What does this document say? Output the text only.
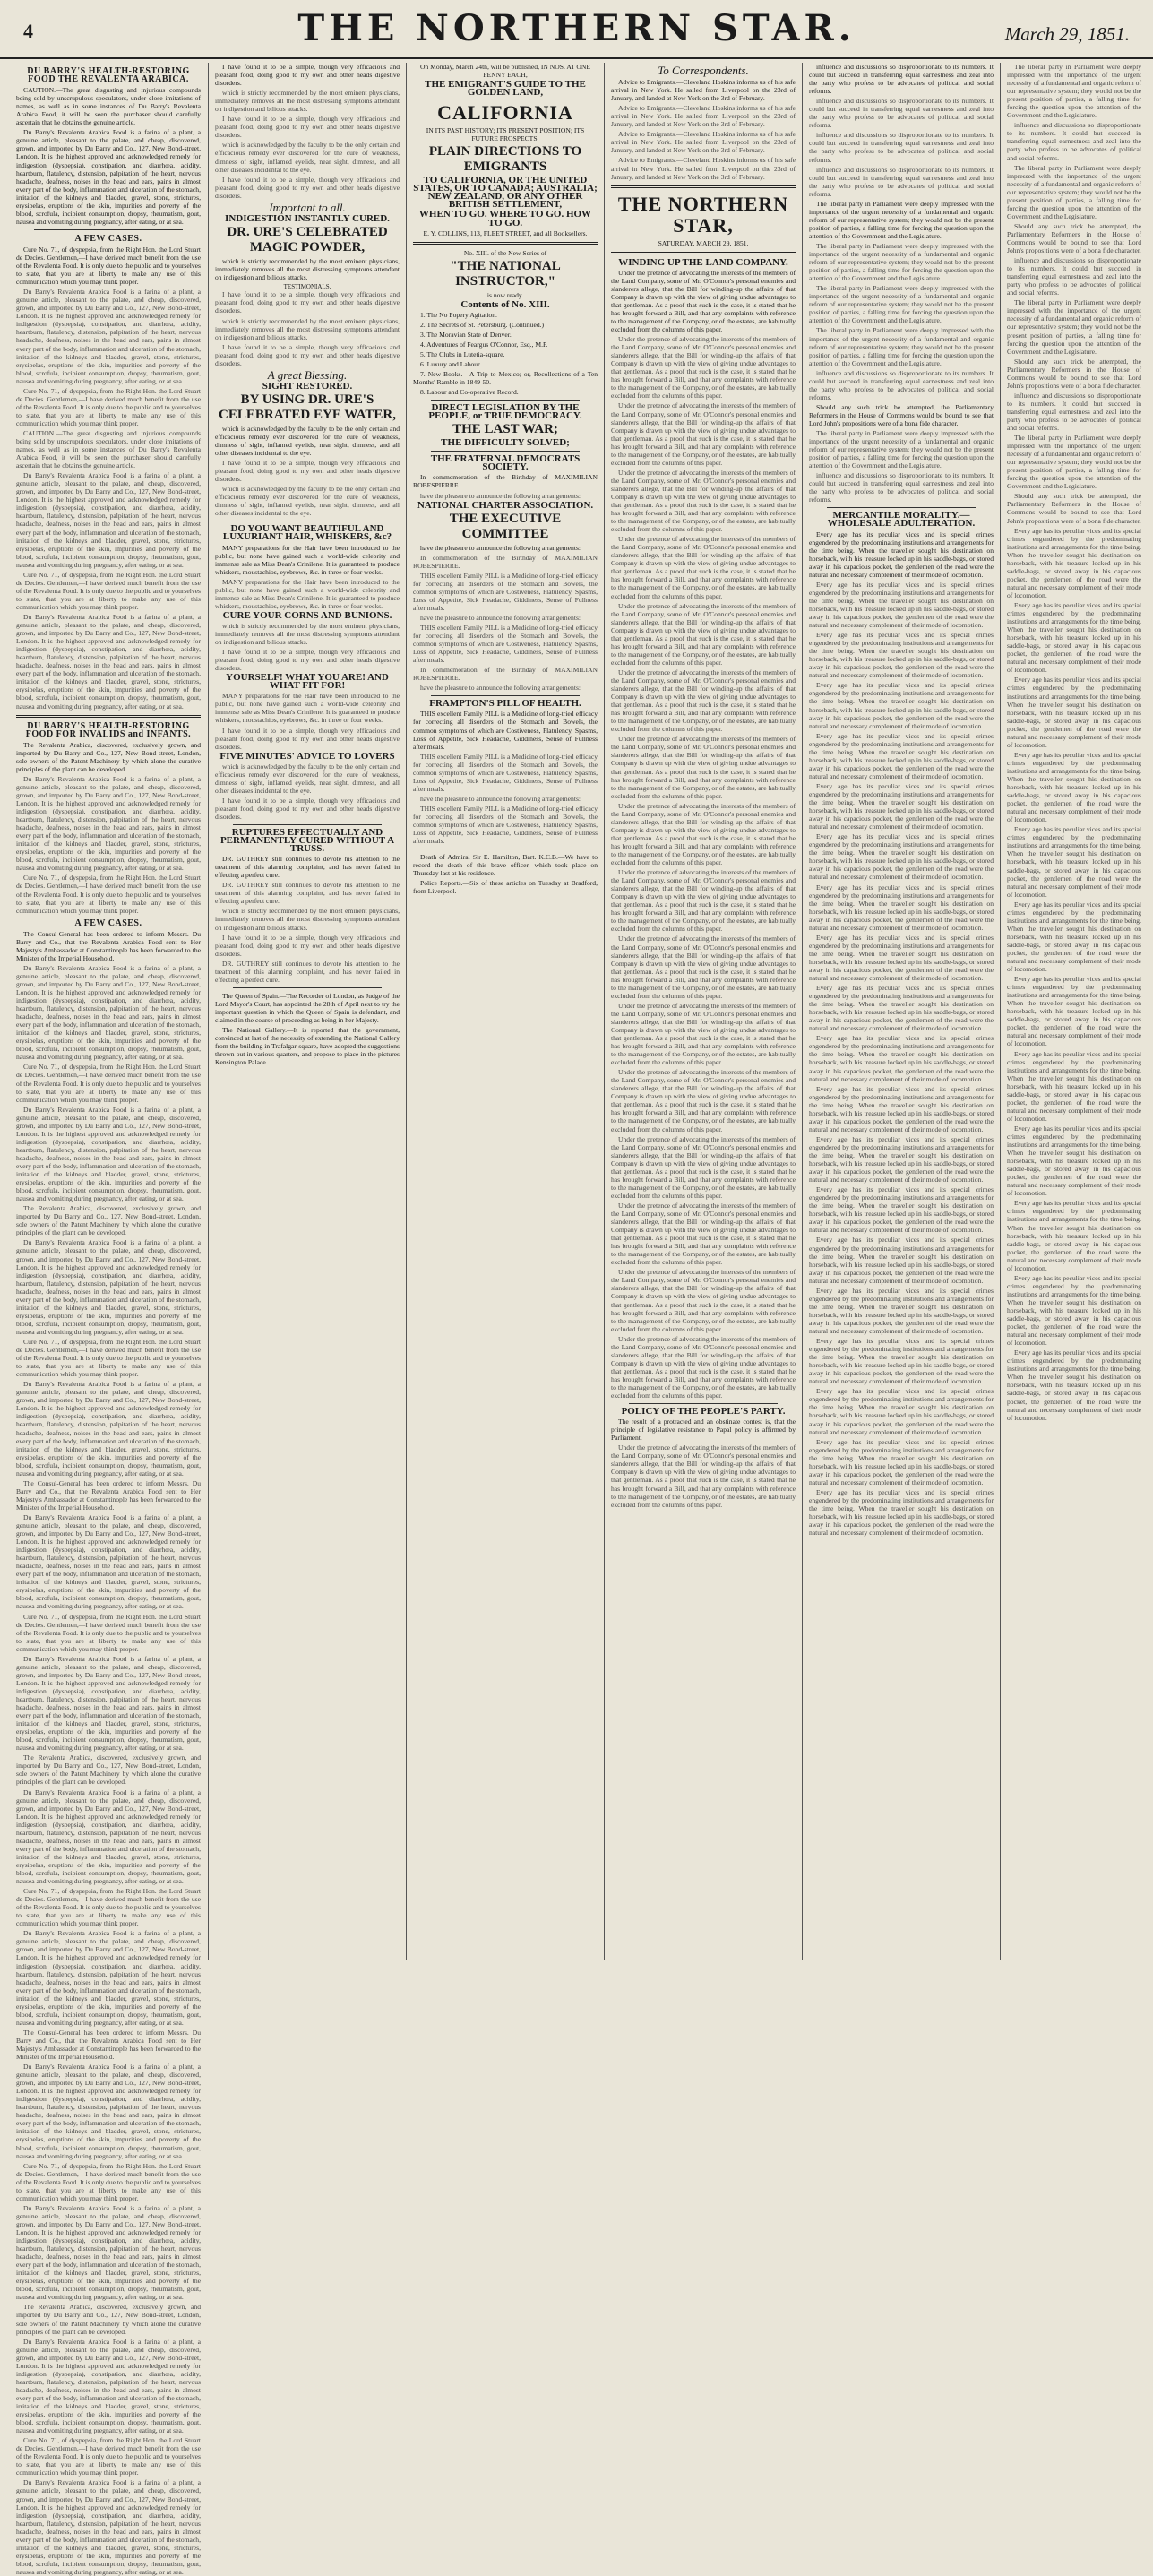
4	THE NORTHERN STAR.	March 29, 1851.
DU BARRY'S HEALTH-RESTORING FOOD THE REVALENTA ARABICA.

CAUTION.—The great disgusting and injurious compounds being sold by unscrupulous speculators, under close imitations of names, as well as in some instances of Du Barry's Revalenta Arabica Food, it will be seen the purchaser should carefully ascertain that he obtains the genuine article.

Du Barry's Revalenta Arabica Food is a farina of a plant, a genuine article, pleasant to the palate, and cheap, discovered, grown, and imported by Du Barry and Co., 127, New Bond-street, London. It is the highest approved and acknowledged remedy for indigestion (dyspepsia), constipation, and diarrhœa, acidity, heartburn, flatulency, distension, palpitation of the heart, nervous headache, deafness, noises in the head and ears, pains in almost every part of the body, inflammation and ulceration of the stomach, irritation of the kidneys and bladder, gravel, stone, strictures, erysipelas, eruptions of the skin, impurities and poverty of the blood, scrofula, incipient consumption, dropsy, rheumatism, gout, nausea and vomiting during pregnancy, after eating, or at sea.

A FEW CASES.

Cure No. 71, of dyspepsia, from the Right Hon. the Lord Stuart de Decies. Gentlemen,—I have derived much benefit from the use of the Revalenta Food. It is only due to the public and to yourselves to state, that you are at liberty to make any use of this communication which you may think proper.

Du Barry's Revalenta Arabica Food is a farina of a plant, a genuine article, pleasant to the palate, and cheap, discovered, grown, and imported by Du Barry and Co., 127, New Bond-street, London. It is the highest approved and acknowledged remedy for indigestion (dyspepsia), constipation, and diarrhœa, acidity, heartburn, flatulency, distension, palpitation of the heart, nervous headache, deafness, noises in the head and ears, pains in almost every part of the body, inflammation and ulceration of the stomach, irritation of the kidneys and bladder, gravel, stone, strictures, erysipelas, eruptions of the skin, impurities and poverty of the blood, scrofula, incipient consumption, dropsy, rheumatism, gout, nausea and vomiting during pregnancy, after eating, or at sea.

Cure No. 71, of dyspepsia, from the Right Hon. the Lord Stuart de Decies. Gentlemen,—I have derived much benefit from the use of the Revalenta Food. It is only due to the public and to yourselves to state, that you are at liberty to make any use of this communication which you may think proper.

CAUTION.—The great disgusting and injurious compounds being sold by unscrupulous speculators, under close imitations of names, as well as in some instances of Du Barry's Revalenta Arabica Food, it will be seen the purchaser should carefully ascertain that he obtains the genuine article.

Du Barry's Revalenta Arabica Food is a farina of a plant, a genuine article, pleasant to the palate, and cheap, discovered, grown, and imported by Du Barry and Co., 127, New Bond-street, London. It is the highest approved and acknowledged remedy for indigestion (dyspepsia), constipation, and diarrhœa, acidity, heartburn, flatulency, distension, palpitation of the heart, nervous headache, deafness, noises in the head and ears, pains in almost every part of the body, inflammation and ulceration of the stomach, irritation of the kidneys and bladder, gravel, stone, strictures, erysipelas, eruptions of the skin, impurities and poverty of the blood, scrofula, incipient consumption, dropsy, rheumatism, gout, nausea and vomiting during pregnancy, after eating, or at sea.

Cure No. 71, of dyspepsia, from the Right Hon. the Lord Stuart de Decies. Gentlemen,—I have derived much benefit from the use of the Revalenta Food. It is only due to the public and to yourselves to state, that you are at liberty to make any use of this communication which you may think proper.

Du Barry's Revalenta Arabica Food is a farina of a plant, a genuine article, pleasant to the palate, and cheap, discovered, grown, and imported by Du Barry and Co., 127, New Bond-street, London. It is the highest approved and acknowledged remedy for indigestion (dyspepsia), constipation, and diarrhœa, acidity, heartburn, flatulency, distension, palpitation of the heart, nervous headache, deafness, noises in the head and ears, pains in almost every part of the body, inflammation and ulceration of the stomach, irritation of the kidneys and bladder, gravel, stone, strictures, erysipelas, eruptions of the skin, impurities and poverty of the blood, scrofula, incipient consumption, dropsy, rheumatism, gout, nausea and vomiting during pregnancy, after eating, or at sea.

DU BARRY'S HEALTH-RESTORING FOOD FOR INVALIDS and INFANTS.

The Revalenta Arabica, discovered, exclusively grown, and imported by Du Barry and Co., 127, New Bond-street, London, sole owners of the Patent Machinery by which alone the curative principles of the plant can be developed.

Du Barry's Revalenta Arabica Food is a farina of a plant, a genuine article, pleasant to the palate, and cheap, discovered, grown, and imported by Du Barry and Co., 127, New Bond-street, London. It is the highest approved and acknowledged remedy for indigestion (dyspepsia), constipation, and diarrhœa, acidity, heartburn, flatulency, distension, palpitation of the heart, nervous headache, deafness, noises in the head and ears, pains in almost every part of the body, inflammation and ulceration of the stomach, irritation of the kidneys and bladder, gravel, stone, strictures, erysipelas, eruptions of the skin, impurities and poverty of the blood, scrofula, incipient consumption, dropsy, rheumatism, gout, nausea and vomiting during pregnancy, after eating, or at sea.

Cure No. 71, of dyspepsia, from the Right Hon. the Lord Stuart de Decies. Gentlemen,—I have derived much benefit from the use of the Revalenta Food. It is only due to the public and to yourselves to state, that you are at liberty to make any use of this communication which you may think proper.

A FEW CASES.

The Consul-General has been ordered to inform Messrs. Du Barry and Co., that the Revalenta Arabica Food sent to Her Majesty's Ambassador at Constantinople has been forwarded to the Minister of the Imperial Household.

Du Barry's Revalenta Arabica Food is a farina of a plant, a genuine article, pleasant to the palate, and cheap, discovered, grown, and imported by Du Barry and Co., 127, New Bond-street, London. It is the highest approved and acknowledged remedy for indigestion (dyspepsia), constipation, and diarrhœa, acidity, heartburn, flatulency, distension, palpitation of the heart, nervous headache, deafness, noises in the head and ears, pains in almost every part of the body, inflammation and ulceration of the stomach, irritation of the kidneys and bladder, gravel, stone, strictures, erysipelas, eruptions of the skin, impurities and poverty of the blood, scrofula, incipient consumption, dropsy, rheumatism, gout, nausea and vomiting during pregnancy, after eating, or at sea.

Cure No. 71, of dyspepsia, from the Right Hon. the Lord Stuart de Decies. Gentlemen,—I have derived much benefit from the use of the Revalenta Food. It is only due to the public and to yourselves to state, that you are at liberty to make any use of this communication which you may think proper.

Du Barry's Revalenta Arabica Food is a farina of a plant, a genuine article, pleasant to the palate, and cheap, discovered, grown, and imported by Du Barry and Co., 127, New Bond-street, London. It is the highest approved and acknowledged remedy for indigestion (dyspepsia), constipation, and diarrhœa, acidity, heartburn, flatulency, distension, palpitation of the heart, nervous headache, deafness, noises in the head and ears, pains in almost every part of the body, inflammation and ulceration of the stomach, irritation of the kidneys and bladder, gravel, stone, strictures, erysipelas, eruptions of the skin, impurities and poverty of the blood, scrofula, incipient consumption, dropsy, rheumatism, gout, nausea and vomiting during pregnancy, after eating, or at sea.

The Revalenta Arabica, discovered, exclusively grown, and imported by Du Barry and Co., 127, New Bond-street, London, sole owners of the Patent Machinery by which alone the curative principles of the plant can be developed.

Du Barry's Revalenta Arabica Food is a farina of a plant, a genuine article, pleasant to the palate, and cheap, discovered, grown, and imported by Du Barry and Co., 127, New Bond-street, London. It is the highest approved and acknowledged remedy for indigestion (dyspepsia), constipation, and diarrhœa, acidity, heartburn, flatulency, distension, palpitation of the heart, nervous headache, deafness, noises in the head and ears, pains in almost every part of the body, inflammation and ulceration of the stomach, irritation of the kidneys and bladder, gravel, stone, strictures, erysipelas, eruptions of the skin, impurities and poverty of the blood, scrofula, incipient consumption, dropsy, rheumatism, gout, nausea and vomiting during pregnancy, after eating, or at sea.

Cure No. 71, of dyspepsia, from the Right Hon. the Lord Stuart de Decies. Gentlemen,—I have derived much benefit from the use of the Revalenta Food. It is only due to the public and to yourselves to state, that you are at liberty to make any use of this communication which you may think proper.

Du Barry's Revalenta Arabica Food is a farina of a plant, a genuine article, pleasant to the palate, and cheap, discovered, grown, and imported by Du Barry and Co., 127, New Bond-street, London. It is the highest approved and acknowledged remedy for indigestion (dyspepsia), constipation, and diarrhœa, acidity, heartburn, flatulency, distension, palpitation of the heart, nervous headache, deafness, noises in the head and ears, pains in almost every part of the body, inflammation and ulceration of the stomach, irritation of the kidneys and bladder, gravel, stone, strictures, erysipelas, eruptions of the skin, impurities and poverty of the blood, scrofula, incipient consumption, dropsy, rheumatism, gout, nausea and vomiting during pregnancy, after eating, or at sea.

The Consul-General has been ordered to inform Messrs. Du Barry and Co., that the Revalenta Arabica Food sent to Her Majesty's Ambassador at Constantinople has been forwarded to the Minister of the Imperial Household.

Du Barry's Revalenta Arabica Food is a farina of a plant, a genuine article, pleasant to the palate, and cheap, discovered, grown, and imported by Du Barry and Co., 127, New Bond-street, London. It is the highest approved and acknowledged remedy for indigestion (dyspepsia), constipation, and diarrhœa, acidity, heartburn, flatulency, distension, palpitation of the heart, nervous headache, deafness, noises in the head and ears, pains in almost every part of the body, inflammation and ulceration of the stomach, irritation of the kidneys and bladder, gravel, stone, strictures, erysipelas, eruptions of the skin, impurities and poverty of the blood, scrofula, incipient consumption, dropsy, rheumatism, gout, nausea and vomiting during pregnancy, after eating, or at sea.

Cure No. 71, of dyspepsia, from the Right Hon. the Lord Stuart de Decies. Gentlemen,—I have derived much benefit from the use of the Revalenta Food. It is only due to the public and to yourselves to state, that you are at liberty to make any use of this communication which you may think proper.

Du Barry's Revalenta Arabica Food is a farina of a plant, a genuine article, pleasant to the palate, and cheap, discovered, grown, and imported by Du Barry and Co., 127, New Bond-street, London. It is the highest approved and acknowledged remedy for indigestion (dyspepsia), constipation, and diarrhœa, acidity, heartburn, flatulency, distension, palpitation of the heart, nervous headache, deafness, noises in the head and ears, pains in almost every part of the body, inflammation and ulceration of the stomach, irritation of the kidneys and bladder, gravel, stone, strictures, erysipelas, eruptions of the skin, impurities and poverty of the blood, scrofula, incipient consumption, dropsy, rheumatism, gout, nausea and vomiting during pregnancy, after eating, or at sea.

The Revalenta Arabica, discovered, exclusively grown, and imported by Du Barry and Co., 127, New Bond-street, London, sole owners of the Patent Machinery by which alone the curative principles of the plant can be developed.

Du Barry's Revalenta Arabica Food is a farina of a plant, a genuine article, pleasant to the palate, and cheap, discovered, grown, and imported by Du Barry and Co., 127, New Bond-street, London. It is the highest approved and acknowledged remedy for indigestion (dyspepsia), constipation, and diarrhœa, acidity, heartburn, flatulency, distension, palpitation of the heart, nervous headache, deafness, noises in the head and ears, pains in almost every part of the body, inflammation and ulceration of the stomach, irritation of the kidneys and bladder, gravel, stone, strictures, erysipelas, eruptions of the skin, impurities and poverty of the blood, scrofula, incipient consumption, dropsy, rheumatism, gout, nausea and vomiting during pregnancy, after eating, or at sea.

Cure No. 71, of dyspepsia, from the Right Hon. the Lord Stuart de Decies. Gentlemen,—I have derived much benefit from the use of the Revalenta Food. It is only due to the public and to yourselves to state, that you are at liberty to make any use of this communication which you may think proper.

Du Barry's Revalenta Arabica Food is a farina of a plant, a genuine article, pleasant to the palate, and cheap, discovered, grown, and imported by Du Barry and Co., 127, New Bond-street, London. It is the highest approved and acknowledged remedy for indigestion (dyspepsia), constipation, and diarrhœa, acidity, heartburn, flatulency, distension, palpitation of the heart, nervous headache, deafness, noises in the head and ears, pains in almost every part of the body, inflammation and ulceration of the stomach, irritation of the kidneys and bladder, gravel, stone, strictures, erysipelas, eruptions of the skin, impurities and poverty of the blood, scrofula, incipient consumption, dropsy, rheumatism, gout, nausea and vomiting during pregnancy, after eating, or at sea.

The Consul-General has been ordered to inform Messrs. Du Barry and Co., that the Revalenta Arabica Food sent to Her Majesty's Ambassador at Constantinople has been forwarded to the Minister of the Imperial Household.

Du Barry's Revalenta Arabica Food is a farina of a plant, a genuine article, pleasant to the palate, and cheap, discovered, grown, and imported by Du Barry and Co., 127, New Bond-street, London. It is the highest approved and acknowledged remedy for indigestion (dyspepsia), constipation, and diarrhœa, acidity, heartburn, flatulency, distension, palpitation of the heart, nervous headache, deafness, noises in the head and ears, pains in almost every part of the body, inflammation and ulceration of the stomach, irritation of the kidneys and bladder, gravel, stone, strictures, erysipelas, eruptions of the skin, impurities and poverty of the blood, scrofula, incipient consumption, dropsy, rheumatism, gout, nausea and vomiting during pregnancy, after eating, or at sea.

Cure No. 71, of dyspepsia, from the Right Hon. the Lord Stuart de Decies. Gentlemen,—I have derived much benefit from the use of the Revalenta Food. It is only due to the public and to yourselves to state, that you are at liberty to make any use of this communication which you may think proper.

Du Barry's Revalenta Arabica Food is a farina of a plant, a genuine article, pleasant to the palate, and cheap, discovered, grown, and imported by Du Barry and Co., 127, New Bond-street, London. It is the highest approved and acknowledged remedy for indigestion (dyspepsia), constipation, and diarrhœa, acidity, heartburn, flatulency, distension, palpitation of the heart, nervous headache, deafness, noises in the head and ears, pains in almost every part of the body, inflammation and ulceration of the stomach, irritation of the kidneys and bladder, gravel, stone, strictures, erysipelas, eruptions of the skin, impurities and poverty of the blood, scrofula, incipient consumption, dropsy, rheumatism, gout, nausea and vomiting during pregnancy, after eating, or at sea.

The Revalenta Arabica, discovered, exclusively grown, and imported by Du Barry and Co., 127, New Bond-street, London, sole owners of the Patent Machinery by which alone the curative principles of the plant can be developed.

Du Barry's Revalenta Arabica Food is a farina of a plant, a genuine article, pleasant to the palate, and cheap, discovered, grown, and imported by Du Barry and Co., 127, New Bond-street, London. It is the highest approved and acknowledged remedy for indigestion (dyspepsia), constipation, and diarrhœa, acidity, heartburn, flatulency, distension, palpitation of the heart, nervous headache, deafness, noises in the head and ears, pains in almost every part of the body, inflammation and ulceration of the stomach, irritation of the kidneys and bladder, gravel, stone, strictures, erysipelas, eruptions of the skin, impurities and poverty of the blood, scrofula, incipient consumption, dropsy, rheumatism, gout, nausea and vomiting during pregnancy, after eating, or at sea.

Cure No. 71, of dyspepsia, from the Right Hon. the Lord Stuart de Decies. Gentlemen,—I have derived much benefit from the use of the Revalenta Food. It is only due to the public and to yourselves to state, that you are at liberty to make any use of this communication which you may think proper.

Du Barry's Revalenta Arabica Food is a farina of a plant, a genuine article, pleasant to the palate, and cheap, discovered, grown, and imported by Du Barry and Co., 127, New Bond-street, London. It is the highest approved and acknowledged remedy for indigestion (dyspepsia), constipation, and diarrhœa, acidity, heartburn, flatulency, distension, palpitation of the heart, nervous headache, deafness, noises in the head and ears, pains in almost every part of the body, inflammation and ulceration of the stomach, irritation of the kidneys and bladder, gravel, stone, strictures, erysipelas, eruptions of the skin, impurities and poverty of the blood, scrofula, incipient consumption, dropsy, rheumatism, gout, nausea and vomiting during pregnancy, after eating, or at sea.

I have found it to be a simple, though very efficacious and pleasant food, doing good to my own and other heads digestive disorders.

which is strictly recommended by the most eminent physicians, immediately removes all the most distressing symptoms attendant on indigestion and bilious attacks.

I have found it to be a simple, though very efficacious and pleasant food, doing good to my own and other heads digestive disorders.

which is acknowledged by the faculty to be the only certain and efficacious remedy ever discovered for the cure of weakness, dimness of sight, inflamed eyelids, near sight, dimness, and all other diseases incidental to the eye.

I have found it to be a simple, though very efficacious and pleasant food, doing good to my own and other heads digestive disorders.

Important to all.
INDIGESTION INSTANTLY CURED.
DR. URE'S CELEBRATED MAGIC POWDER,

which is strictly recommended by the most eminent physicians, immediately removes all the most distressing symptoms attendant on indigestion and bilious attacks.

TESTIMONIALS.

I have found it to be a simple, though very efficacious and pleasant food, doing good to my own and other heads digestive disorders.

which is strictly recommended by the most eminent physicians, immediately removes all the most distressing symptoms attendant on indigestion and bilious attacks.

I have found it to be a simple, though very efficacious and pleasant food, doing good to my own and other heads digestive disorders.

A great Blessing.
SIGHT RESTORED.
BY USING DR. URE'S CELEBRATED EYE WATER,

which is acknowledged by the faculty to be the only certain and efficacious remedy ever discovered for the cure of weakness, dimness of sight, inflamed eyelids, near sight, dimness, and all other diseases incidental to the eye.

I have found it to be a simple, though very efficacious and pleasant food, doing good to my own and other heads digestive disorders.

which is acknowledged by the faculty to be the only certain and efficacious remedy ever discovered for the cure of weakness, dimness of sight, inflamed eyelids, near sight, dimness, and all other diseases incidental to the eye.

DO YOU WANT BEAUTIFUL AND LUXURIANT HAIR, WHISKERS, &c?

MANY preparations for the Hair have been introduced to the public, but none have gained such a world-wide celebrity and immense sale as Miss Dean's Crinilene. It is guaranteed to produce whiskers, moustachios, eyebrows, &c. in three or four weeks.

MANY preparations for the Hair have been introduced to the public, but none have gained such a world-wide celebrity and immense sale as Miss Dean's Crinilene. It is guaranteed to produce whiskers, moustachios, eyebrows, &c. in three or four weeks.

CURE YOUR CORNS AND BUNIONS.

which is strictly recommended by the most eminent physicians, immediately removes all the most distressing symptoms attendant on indigestion and bilious attacks.

I have found it to be a simple, though very efficacious and pleasant food, doing good to my own and other heads digestive disorders.

YOURSELF! WHAT YOU ARE! AND WHAT FIT FOR!

MANY preparations for the Hair have been introduced to the public, but none have gained such a world-wide celebrity and immense sale as Miss Dean's Crinilene. It is guaranteed to produce whiskers, moustachios, eyebrows, &c. in three or four weeks.

I have found it to be a simple, though very efficacious and pleasant food, doing good to my own and other heads digestive disorders.

FIVE MINUTES' ADVICE TO LOVERS

which is acknowledged by the faculty to be the only certain and efficacious remedy ever discovered for the cure of weakness, dimness of sight, inflamed eyelids, near sight, dimness, and all other diseases incidental to the eye.

I have found it to be a simple, though very efficacious and pleasant food, doing good to my own and other heads digestive disorders.

RUPTURES EFFECTUALLY AND PERMANENTLY CURED WITHOUT A TRUSS.

DR. GUTHREY still continues to devote his attention to the treatment of this alarming complaint, and has never failed in effecting a perfect cure.

DR. GUTHREY still continues to devote his attention to the treatment of this alarming complaint, and has never failed in effecting a perfect cure.

which is strictly recommended by the most eminent physicians, immediately removes all the most distressing symptoms attendant on indigestion and bilious attacks.

I have found it to be a simple, though very efficacious and pleasant food, doing good to my own and other heads digestive disorders.

DR. GUTHREY still continues to devote his attention to the treatment of this alarming complaint, and has never failed in effecting a perfect cure.

The Queen of Spain.—The Recorder of London, as Judge of the Lord Mayor's Court, has appointed the 28th of April next to try the important question in which the Queen of Spain is defendant, and claimed in the course of proceeding as being in her Majesty.

The National Gallery.—It is reported that the government, convinced at last of the necessity of extending the National Gallery from the building in Trafalgar-square, have adopted the suggestions thrown out in various quarters, and propose to place in the pictures Kensington Palace.

On Monday, March 24th, will be published, IN NOS. AT ONE PENNY EACH,

THE EMIGRANT'S GUIDE TO THE GOLDEN LAND,
CALIFORNIA

IN ITS PAST HISTORY; ITS PRESENT POSITION; ITS FUTURE PROSPECTS:

PLAIN DIRECTIONS TO EMIGRANTS
TO CALIFORNIA, OR THE UNITED STATES, OR TO CANADA; AUSTRALIA; NEW ZEALAND, OR ANY OTHER BRITISH SETTLEMENT,
WHEN TO GO. WHERE TO GO. HOW TO GO.

E. Y. COLLINS, 113, FLEET STREET, and all Booksellers.

No. XIII. of the New Series of

"THE NATIONAL INSTRUCTOR,"

is now ready.

Contents of No. XIII.

1. The No Popery Agitation.

2. The Secrets of St. Petersburg. (Continued.)

3. The Moravian State of Denver.

4. Adventures of Feargus O'Connor, Esq., M.P.

5. The Clubs in Lutetia-square.

6. Luxury and Labour.

7. New Books.—A Trip to Mexico; or, Recollections of a Ten Months' Ramble in 1849-50.

8. Labour and Co-operative Record.

DIRECT LEGISLATION BY THE PEOPLE, or TRUE DEMOCRACY.
THE LAST WAR;
THE DIFFICULTY SOLVED;
THE FRATERNAL DEMOCRATS SOCIETY.

In commemoration of the Birthday of MAXIMILIAN ROBESPIERRE.

have the pleasure to announce the following arrangements:

NATIONAL CHARTER ASSOCIATION.
THE EXECUTIVE COMMITTEE

have the pleasure to announce the following arrangements:

In commemoration of the Birthday of MAXIMILIAN ROBESPIERRE.

THIS excellent Family PILL is a Medicine of long-tried efficacy for correcting all disorders of the Stomach and Bowels, the common symptoms of which are Costiveness, Flatulency, Spasms, Loss of Appetite, Sick Headache, Giddiness, Sense of Fullness after meals.

have the pleasure to announce the following arrangements:

THIS excellent Family PILL is a Medicine of long-tried efficacy for correcting all disorders of the Stomach and Bowels, the common symptoms of which are Costiveness, Flatulency, Spasms, Loss of Appetite, Sick Headache, Giddiness, Sense of Fullness after meals.

In commemoration of the Birthday of MAXIMILIAN ROBESPIERRE.

have the pleasure to announce the following arrangements:

FRAMPTON'S PILL OF HEALTH.

THIS excellent Family PILL is a Medicine of long-tried efficacy for correcting all disorders of the Stomach and Bowels, the common symptoms of which are Costiveness, Flatulency, Spasms, Loss of Appetite, Sick Headache, Giddiness, Sense of Fullness after meals.

THIS excellent Family PILL is a Medicine of long-tried efficacy for correcting all disorders of the Stomach and Bowels, the common symptoms of which are Costiveness, Flatulency, Spasms, Loss of Appetite, Sick Headache, Giddiness, Sense of Fullness after meals.

have the pleasure to announce the following arrangements:

THIS excellent Family PILL is a Medicine of long-tried efficacy for correcting all disorders of the Stomach and Bowels, the common symptoms of which are Costiveness, Flatulency, Spasms, Loss of Appetite, Sick Headache, Giddiness, Sense of Fullness after meals.

Death of Admiral Sir E. Hamilton, Bart. K.C.B.—We have to record the death of this brave officer, which took place on Thursday last at his residence.

Police Reports.—Six of these articles on Tuesday at Bradford, from Liverpool.

To Correspondents.

Advice to Emigrants.—Cleveland Hoskins informs us of his safe arrival in New York. He sailed from Liverpool on the 23rd of January, and landed at New York on the 3rd of February.

Advice to Emigrants.—Cleveland Hoskins informs us of his safe arrival in New York. He sailed from Liverpool on the 23rd of January, and landed at New York on the 3rd of February.

Advice to Emigrants.—Cleveland Hoskins informs us of his safe arrival in New York. He sailed from Liverpool on the 23rd of January, and landed at New York on the 3rd of February.

Advice to Emigrants.—Cleveland Hoskins informs us of his safe arrival in New York. He sailed from Liverpool on the 23rd of January, and landed at New York on the 3rd of February.

THE NORTHERN STAR,

SATURDAY, MARCH 29, 1851.

WINDING UP THE LAND COMPANY.

Under the pretence of advocating the interests of the members of the Land Company, some of Mr. O'Connor's personal enemies and slanderers allege, that the Bill for winding-up the affairs of that Company is drawn up with the view of giving undue advantages to that gentleman. As a proof that such is the case, it is stated that he has brought forward a Bill, and that any complaints with reference to the management of the Company, or of the estates, are habitually excluded from the columns of this paper.

Under the pretence of advocating the interests of the members of the Land Company, some of Mr. O'Connor's personal enemies and slanderers allege, that the Bill for winding-up the affairs of that Company is drawn up with the view of giving undue advantages to that gentleman. As a proof that such is the case, it is stated that he has brought forward a Bill, and that any complaints with reference to the management of the Company, or of the estates, are habitually excluded from the columns of this paper.

Under the pretence of advocating the interests of the members of the Land Company, some of Mr. O'Connor's personal enemies and slanderers allege, that the Bill for winding-up the affairs of that Company is drawn up with the view of giving undue advantages to that gentleman. As a proof that such is the case, it is stated that he has brought forward a Bill, and that any complaints with reference to the management of the Company, or of the estates, are habitually excluded from the columns of this paper.

Under the pretence of advocating the interests of the members of the Land Company, some of Mr. O'Connor's personal enemies and slanderers allege, that the Bill for winding-up the affairs of that Company is drawn up with the view of giving undue advantages to that gentleman. As a proof that such is the case, it is stated that he has brought forward a Bill, and that any complaints with reference to the management of the Company, or of the estates, are habitually excluded from the columns of this paper.

Under the pretence of advocating the interests of the members of the Land Company, some of Mr. O'Connor's personal enemies and slanderers allege, that the Bill for winding-up the affairs of that Company is drawn up with the view of giving undue advantages to that gentleman. As a proof that such is the case, it is stated that he has brought forward a Bill, and that any complaints with reference to the management of the Company, or of the estates, are habitually excluded from the columns of this paper.

Under the pretence of advocating the interests of the members of the Land Company, some of Mr. O'Connor's personal enemies and slanderers allege, that the Bill for winding-up the affairs of that Company is drawn up with the view of giving undue advantages to that gentleman. As a proof that such is the case, it is stated that he has brought forward a Bill, and that any complaints with reference to the management of the Company, or of the estates, are habitually excluded from the columns of this paper.

Under the pretence of advocating the interests of the members of the Land Company, some of Mr. O'Connor's personal enemies and slanderers allege, that the Bill for winding-up the affairs of that Company is drawn up with the view of giving undue advantages to that gentleman. As a proof that such is the case, it is stated that he has brought forward a Bill, and that any complaints with reference to the management of the Company, or of the estates, are habitually excluded from the columns of this paper.

Under the pretence of advocating the interests of the members of the Land Company, some of Mr. O'Connor's personal enemies and slanderers allege, that the Bill for winding-up the affairs of that Company is drawn up with the view of giving undue advantages to that gentleman. As a proof that such is the case, it is stated that he has brought forward a Bill, and that any complaints with reference to the management of the Company, or of the estates, are habitually excluded from the columns of this paper.

Under the pretence of advocating the interests of the members of the Land Company, some of Mr. O'Connor's personal enemies and slanderers allege, that the Bill for winding-up the affairs of that Company is drawn up with the view of giving undue advantages to that gentleman. As a proof that such is the case, it is stated that he has brought forward a Bill, and that any complaints with reference to the management of the Company, or of the estates, are habitually excluded from the columns of this paper.

Under the pretence of advocating the interests of the members of the Land Company, some of Mr. O'Connor's personal enemies and slanderers allege, that the Bill for winding-up the affairs of that Company is drawn up with the view of giving undue advantages to that gentleman. As a proof that such is the case, it is stated that he has brought forward a Bill, and that any complaints with reference to the management of the Company, or of the estates, are habitually excluded from the columns of this paper.

Under the pretence of advocating the interests of the members of the Land Company, some of Mr. O'Connor's personal enemies and slanderers allege, that the Bill for winding-up the affairs of that Company is drawn up with the view of giving undue advantages to that gentleman. As a proof that such is the case, it is stated that he has brought forward a Bill, and that any complaints with reference to the management of the Company, or of the estates, are habitually excluded from the columns of this paper.

Under the pretence of advocating the interests of the members of the Land Company, some of Mr. O'Connor's personal enemies and slanderers allege, that the Bill for winding-up the affairs of that Company is drawn up with the view of giving undue advantages to that gentleman. As a proof that such is the case, it is stated that he has brought forward a Bill, and that any complaints with reference to the management of the Company, or of the estates, are habitually excluded from the columns of this paper.

Under the pretence of advocating the interests of the members of the Land Company, some of Mr. O'Connor's personal enemies and slanderers allege, that the Bill for winding-up the affairs of that Company is drawn up with the view of giving undue advantages to that gentleman. As a proof that such is the case, it is stated that he has brought forward a Bill, and that any complaints with reference to the management of the Company, or of the estates, are habitually excluded from the columns of this paper.

Under the pretence of advocating the interests of the members of the Land Company, some of Mr. O'Connor's personal enemies and slanderers allege, that the Bill for winding-up the affairs of that Company is drawn up with the view of giving undue advantages to that gentleman. As a proof that such is the case, it is stated that he has brought forward a Bill, and that any complaints with reference to the management of the Company, or of the estates, are habitually excluded from the columns of this paper.

Under the pretence of advocating the interests of the members of the Land Company, some of Mr. O'Connor's personal enemies and slanderers allege, that the Bill for winding-up the affairs of that Company is drawn up with the view of giving undue advantages to that gentleman. As a proof that such is the case, it is stated that he has brought forward a Bill, and that any complaints with reference to the management of the Company, or of the estates, are habitually excluded from the columns of this paper.

Under the pretence of advocating the interests of the members of the Land Company, some of Mr. O'Connor's personal enemies and slanderers allege, that the Bill for winding-up the affairs of that Company is drawn up with the view of giving undue advantages to that gentleman. As a proof that such is the case, it is stated that he has brought forward a Bill, and that any complaints with reference to the management of the Company, or of the estates, are habitually excluded from the columns of this paper.

Under the pretence of advocating the interests of the members of the Land Company, some of Mr. O'Connor's personal enemies and slanderers allege, that the Bill for winding-up the affairs of that Company is drawn up with the view of giving undue advantages to that gentleman. As a proof that such is the case, it is stated that he has brought forward a Bill, and that any complaints with reference to the management of the Company, or of the estates, are habitually excluded from the columns of this paper.

POLICY OF THE PEOPLE'S PARTY.

The result of a protracted and an obstinate contest is, that the principle of legislative resistance to Papal policy is affirmed by Parliament.

Under the pretence of advocating the interests of the members of the Land Company, some of Mr. O'Connor's personal enemies and slanderers allege, that the Bill for winding-up the affairs of that Company is drawn up with the view of giving undue advantages to that gentleman. As a proof that such is the case, it is stated that he has brought forward a Bill, and that any complaints with reference to the management of the Company, or of the estates, are habitually excluded from the columns of this paper.

influence and discussions so disproportionate to its numbers. It could but succeed in transferring equal earnestness and zeal into the party who profess to be advocates of political and social reforms.

influence and discussions so disproportionate to its numbers. It could but succeed in transferring equal earnestness and zeal into the party who profess to be advocates of political and social reforms.

influence and discussions so disproportionate to its numbers. It could but succeed in transferring equal earnestness and zeal into the party who profess to be advocates of political and social reforms.

influence and discussions so disproportionate to its numbers. It could but succeed in transferring equal earnestness and zeal into the party who profess to be advocates of political and social reforms.

The liberal party in Parliament were deeply impressed with the importance of the urgent necessity of a fundamental and organic reform of our representative system; they would not be the present position of parties, a falling time for forcing the question upon the attention of the Government and the Legislature.

The liberal party in Parliament were deeply impressed with the importance of the urgent necessity of a fundamental and organic reform of our representative system; they would not be the present position of parties, a falling time for forcing the question upon the attention of the Government and the Legislature.

The liberal party in Parliament were deeply impressed with the importance of the urgent necessity of a fundamental and organic reform of our representative system; they would not be the present position of parties, a falling time for forcing the question upon the attention of the Government and the Legislature.

The liberal party in Parliament were deeply impressed with the importance of the urgent necessity of a fundamental and organic reform of our representative system; they would not be the present position of parties, a falling time for forcing the question upon the attention of the Government and the Legislature.

influence and discussions so disproportionate to its numbers. It could but succeed in transferring equal earnestness and zeal into the party who profess to be advocates of political and social reforms.

Should any such trick be attempted, the Parliamentary Reformers in the House of Commons would be bound to see that Lord John's propositions were of a bona fide character.

The liberal party in Parliament were deeply impressed with the importance of the urgent necessity of a fundamental and organic reform of our representative system; they would not be the present position of parties, a falling time for forcing the question upon the attention of the Government and the Legislature.

influence and discussions so disproportionate to its numbers. It could but succeed in transferring equal earnestness and zeal into the party who profess to be advocates of political and social reforms.

MERCANTILE MORALITY.—WHOLESALE ADULTERATION.

Every age has its peculiar vices and its special crimes engendered by the predominating institutions and arrangements for the time being. When the traveller sought his destination on horseback, with his treasure locked up in his saddle-bags, or stored away in his capacious pocket, the gentlemen of the road were the natural and necessary complement of their mode of locomotion.

Every age has its peculiar vices and its special crimes engendered by the predominating institutions and arrangements for the time being. When the traveller sought his destination on horseback, with his treasure locked up in his saddle-bags, or stored away in his capacious pocket, the gentlemen of the road were the natural and necessary complement of their mode of locomotion.

Every age has its peculiar vices and its special crimes engendered by the predominating institutions and arrangements for the time being. When the traveller sought his destination on horseback, with his treasure locked up in his saddle-bags, or stored away in his capacious pocket, the gentlemen of the road were the natural and necessary complement of their mode of locomotion.

Every age has its peculiar vices and its special crimes engendered by the predominating institutions and arrangements for the time being. When the traveller sought his destination on horseback, with his treasure locked up in his saddle-bags, or stored away in his capacious pocket, the gentlemen of the road were the natural and necessary complement of their mode of locomotion.

Every age has its peculiar vices and its special crimes engendered by the predominating institutions and arrangements for the time being. When the traveller sought his destination on horseback, with his treasure locked up in his saddle-bags, or stored away in his capacious pocket, the gentlemen of the road were the natural and necessary complement of their mode of locomotion.

Every age has its peculiar vices and its special crimes engendered by the predominating institutions and arrangements for the time being. When the traveller sought his destination on horseback, with his treasure locked up in his saddle-bags, or stored away in his capacious pocket, the gentlemen of the road were the natural and necessary complement of their mode of locomotion.

Every age has its peculiar vices and its special crimes engendered by the predominating institutions and arrangements for the time being. When the traveller sought his destination on horseback, with his treasure locked up in his saddle-bags, or stored away in his capacious pocket, the gentlemen of the road were the natural and necessary complement of their mode of locomotion.

Every age has its peculiar vices and its special crimes engendered by the predominating institutions and arrangements for the time being. When the traveller sought his destination on horseback, with his treasure locked up in his saddle-bags, or stored away in his capacious pocket, the gentlemen of the road were the natural and necessary complement of their mode of locomotion.

Every age has its peculiar vices and its special crimes engendered by the predominating institutions and arrangements for the time being. When the traveller sought his destination on horseback, with his treasure locked up in his saddle-bags, or stored away in his capacious pocket, the gentlemen of the road were the natural and necessary complement of their mode of locomotion.

Every age has its peculiar vices and its special crimes engendered by the predominating institutions and arrangements for the time being. When the traveller sought his destination on horseback, with his treasure locked up in his saddle-bags, or stored away in his capacious pocket, the gentlemen of the road were the natural and necessary complement of their mode of locomotion.

Every age has its peculiar vices and its special crimes engendered by the predominating institutions and arrangements for the time being. When the traveller sought his destination on horseback, with his treasure locked up in his saddle-bags, or stored away in his capacious pocket, the gentlemen of the road were the natural and necessary complement of their mode of locomotion.

Every age has its peculiar vices and its special crimes engendered by the predominating institutions and arrangements for the time being. When the traveller sought his destination on horseback, with his treasure locked up in his saddle-bags, or stored away in his capacious pocket, the gentlemen of the road were the natural and necessary complement of their mode of locomotion.

Every age has its peculiar vices and its special crimes engendered by the predominating institutions and arrangements for the time being. When the traveller sought his destination on horseback, with his treasure locked up in his saddle-bags, or stored away in his capacious pocket, the gentlemen of the road were the natural and necessary complement of their mode of locomotion.

Every age has its peculiar vices and its special crimes engendered by the predominating institutions and arrangements for the time being. When the traveller sought his destination on horseback, with his treasure locked up in his saddle-bags, or stored away in his capacious pocket, the gentlemen of the road were the natural and necessary complement of their mode of locomotion.

Every age has its peculiar vices and its special crimes engendered by the predominating institutions and arrangements for the time being. When the traveller sought his destination on horseback, with his treasure locked up in his saddle-bags, or stored away in his capacious pocket, the gentlemen of the road were the natural and necessary complement of their mode of locomotion.

Every age has its peculiar vices and its special crimes engendered by the predominating institutions and arrangements for the time being. When the traveller sought his destination on horseback, with his treasure locked up in his saddle-bags, or stored away in his capacious pocket, the gentlemen of the road were the natural and necessary complement of their mode of locomotion.

Every age has its peculiar vices and its special crimes engendered by the predominating institutions and arrangements for the time being. When the traveller sought his destination on horseback, with his treasure locked up in his saddle-bags, or stored away in his capacious pocket, the gentlemen of the road were the natural and necessary complement of their mode of locomotion.

Every age has its peculiar vices and its special crimes engendered by the predominating institutions and arrangements for the time being. When the traveller sought his destination on horseback, with his treasure locked up in his saddle-bags, or stored away in his capacious pocket, the gentlemen of the road were the natural and necessary complement of their mode of locomotion.

Every age has its peculiar vices and its special crimes engendered by the predominating institutions and arrangements for the time being. When the traveller sought his destination on horseback, with his treasure locked up in his saddle-bags, or stored away in his capacious pocket, the gentlemen of the road were the natural and necessary complement of their mode of locomotion.

Every age has its peculiar vices and its special crimes engendered by the predominating institutions and arrangements for the time being. When the traveller sought his destination on horseback, with his treasure locked up in his saddle-bags, or stored away in his capacious pocket, the gentlemen of the road were the natural and necessary complement of their mode of locomotion.

The liberal party in Parliament were deeply impressed with the importance of the urgent necessity of a fundamental and organic reform of our representative system; they would not be the present position of parties, a falling time for forcing the question upon the attention of the Government and the Legislature.

influence and discussions so disproportionate to its numbers. It could but succeed in transferring equal earnestness and zeal into the party who profess to be advocates of political and social reforms.

The liberal party in Parliament were deeply impressed with the importance of the urgent necessity of a fundamental and organic reform of our representative system; they would not be the present position of parties, a falling time for forcing the question upon the attention of the Government and the Legislature.

Should any such trick be attempted, the Parliamentary Reformers in the House of Commons would be bound to see that Lord John's propositions were of a bona fide character.

influence and discussions so disproportionate to its numbers. It could but succeed in transferring equal earnestness and zeal into the party who profess to be advocates of political and social reforms.

The liberal party in Parliament were deeply impressed with the importance of the urgent necessity of a fundamental and organic reform of our representative system; they would not be the present position of parties, a falling time for forcing the question upon the attention of the Government and the Legislature.

Should any such trick be attempted, the Parliamentary Reformers in the House of Commons would be bound to see that Lord John's propositions were of a bona fide character.

influence and discussions so disproportionate to its numbers. It could but succeed in transferring equal earnestness and zeal into the party who profess to be advocates of political and social reforms.

The liberal party in Parliament were deeply impressed with the importance of the urgent necessity of a fundamental and organic reform of our representative system; they would not be the present position of parties, a falling time for forcing the question upon the attention of the Government and the Legislature.

Should any such trick be attempted, the Parliamentary Reformers in the House of Commons would be bound to see that Lord John's propositions were of a bona fide character.

Every age has its peculiar vices and its special crimes engendered by the predominating institutions and arrangements for the time being. When the traveller sought his destination on horseback, with his treasure locked up in his saddle-bags, or stored away in his capacious pocket, the gentlemen of the road were the natural and necessary complement of their mode of locomotion.

Every age has its peculiar vices and its special crimes engendered by the predominating institutions and arrangements for the time being. When the traveller sought his destination on horseback, with his treasure locked up in his saddle-bags, or stored away in his capacious pocket, the gentlemen of the road were the natural and necessary complement of their mode of locomotion.

Every age has its peculiar vices and its special crimes engendered by the predominating institutions and arrangements for the time being. When the traveller sought his destination on horseback, with his treasure locked up in his saddle-bags, or stored away in his capacious pocket, the gentlemen of the road were the natural and necessary complement of their mode of locomotion.

Every age has its peculiar vices and its special crimes engendered by the predominating institutions and arrangements for the time being. When the traveller sought his destination on horseback, with his treasure locked up in his saddle-bags, or stored away in his capacious pocket, the gentlemen of the road were the natural and necessary complement of their mode of locomotion.

Every age has its peculiar vices and its special crimes engendered by the predominating institutions and arrangements for the time being. When the traveller sought his destination on horseback, with his treasure locked up in his saddle-bags, or stored away in his capacious pocket, the gentlemen of the road were the natural and necessary complement of their mode of locomotion.

Every age has its peculiar vices and its special crimes engendered by the predominating institutions and arrangements for the time being. When the traveller sought his destination on horseback, with his treasure locked up in his saddle-bags, or stored away in his capacious pocket, the gentlemen of the road were the natural and necessary complement of their mode of locomotion.

Every age has its peculiar vices and its special crimes engendered by the predominating institutions and arrangements for the time being. When the traveller sought his destination on horseback, with his treasure locked up in his saddle-bags, or stored away in his capacious pocket, the gentlemen of the road were the natural and necessary complement of their mode of locomotion.

Every age has its peculiar vices and its special crimes engendered by the predominating institutions and arrangements for the time being. When the traveller sought his destination on horseback, with his treasure locked up in his saddle-bags, or stored away in his capacious pocket, the gentlemen of the road were the natural and necessary complement of their mode of locomotion.

Every age has its peculiar vices and its special crimes engendered by the predominating institutions and arrangements for the time being. When the traveller sought his destination on horseback, with his treasure locked up in his saddle-bags, or stored away in his capacious pocket, the gentlemen of the road were the natural and necessary complement of their mode of locomotion.

Every age has its peculiar vices and its special crimes engendered by the predominating institutions and arrangements for the time being. When the traveller sought his destination on horseback, with his treasure locked up in his saddle-bags, or stored away in his capacious pocket, the gentlemen of the road were the natural and necessary complement of their mode of locomotion.

Every age has its peculiar vices and its special crimes engendered by the predominating institutions and arrangements for the time being. When the traveller sought his destination on horseback, with his treasure locked up in his saddle-bags, or stored away in his capacious pocket, the gentlemen of the road were the natural and necessary complement of their mode of locomotion.

Every age has its peculiar vices and its special crimes engendered by the predominating institutions and arrangements for the time being. When the traveller sought his destination on horseback, with his treasure locked up in his saddle-bags, or stored away in his capacious pocket, the gentlemen of the road were the natural and necessary complement of their mode of locomotion.
